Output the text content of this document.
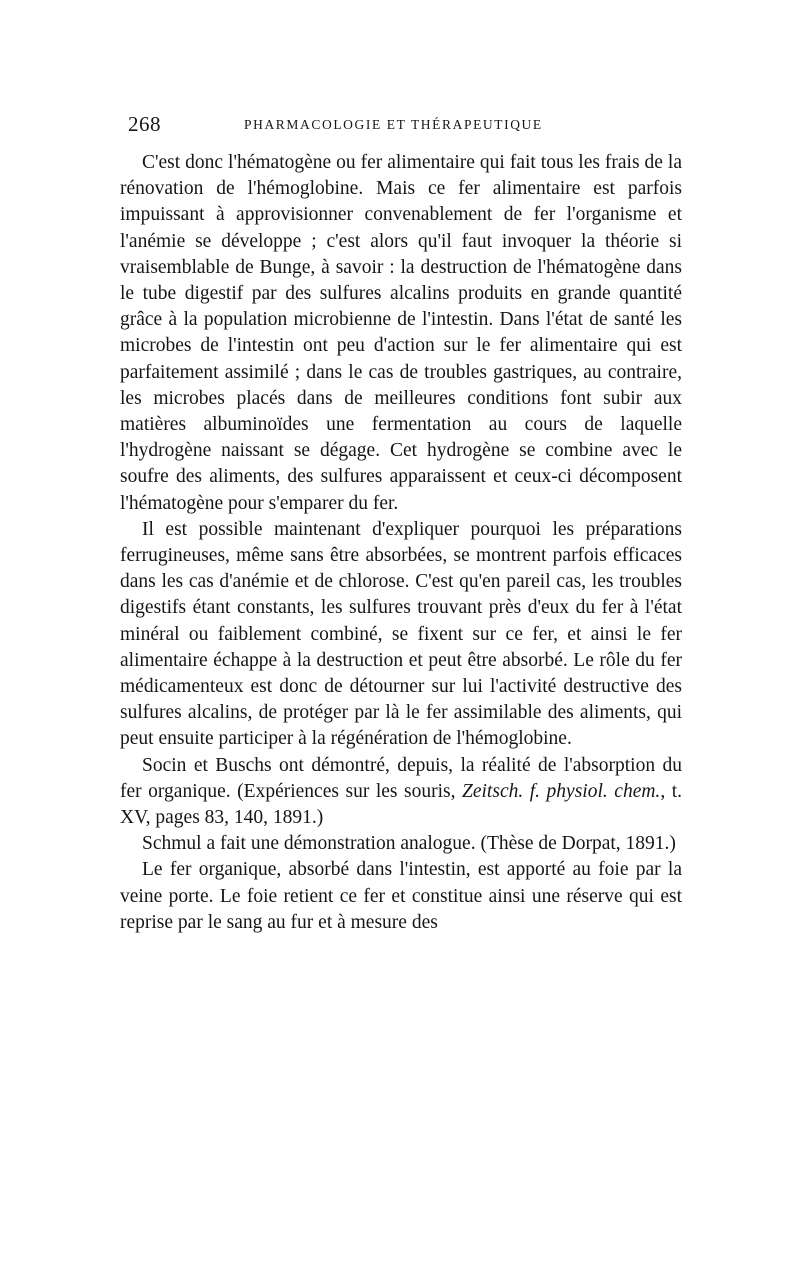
268	PHARMACOLOGIE ET THÉRAPEUTIQUE

C'est donc l'hématogène ou fer alimentaire qui fait tous les frais de la rénovation de l'hémoglobine. Mais ce fer alimentaire est parfois impuissant à approvisionner convenablement de fer l'organisme et l'anémie se développe ; c'est alors qu'il faut invoquer la théorie si vraisemblable de Bunge, à savoir : la destruction de l'hématogène dans le tube digestif par des sulfures alcalins produits en grande quantité grâce à la population microbienne de l'intestin. Dans l'état de santé les microbes de l'intestin ont peu d'action sur le fer alimentaire qui est parfaitement assimilé ; dans le cas de troubles gastriques, au contraire, les microbes placés dans de meilleures conditions font subir aux matières albuminoïdes une fermentation au cours de laquelle l'hydrogène naissant se dégage. Cet hydrogène se combine avec le soufre des aliments, des sulfures apparaissent et ceux-ci décomposent l'hématogène pour s'emparer du fer.

Il est possible maintenant d'expliquer pourquoi les préparations ferrugineuses, même sans être absorbées, se montrent parfois efficaces dans les cas d'anémie et de chlorose. C'est qu'en pareil cas, les troubles digestifs étant constants, les sulfures trouvant près d'eux du fer à l'état minéral ou faiblement combiné, se fixent sur ce fer, et ainsi le fer alimentaire échappe à la destruction et peut être absorbé. Le rôle du fer médicamenteux est donc de détourner sur lui l'activité destructive des sulfures alcalins, de protéger par là le fer assimilable des aliments, qui peut ensuite participer à la régénération de l'hémoglobine.

Socin et Buschs ont démontré, depuis, la réalité de l'absorption du fer organique. (Expériences sur les souris, Zeitsch. f. physiol. chem., t. XV, pages 83, 140, 1891.)

Schmul a fait une démonstration analogue. (Thèse de Dorpat, 1891.)

Le fer organique, absorbé dans l'intestin, est apporté au foie par la veine porte. Le foie retient ce fer et constitue ainsi une réserve qui est reprise par le sang au fur et à mesure des
